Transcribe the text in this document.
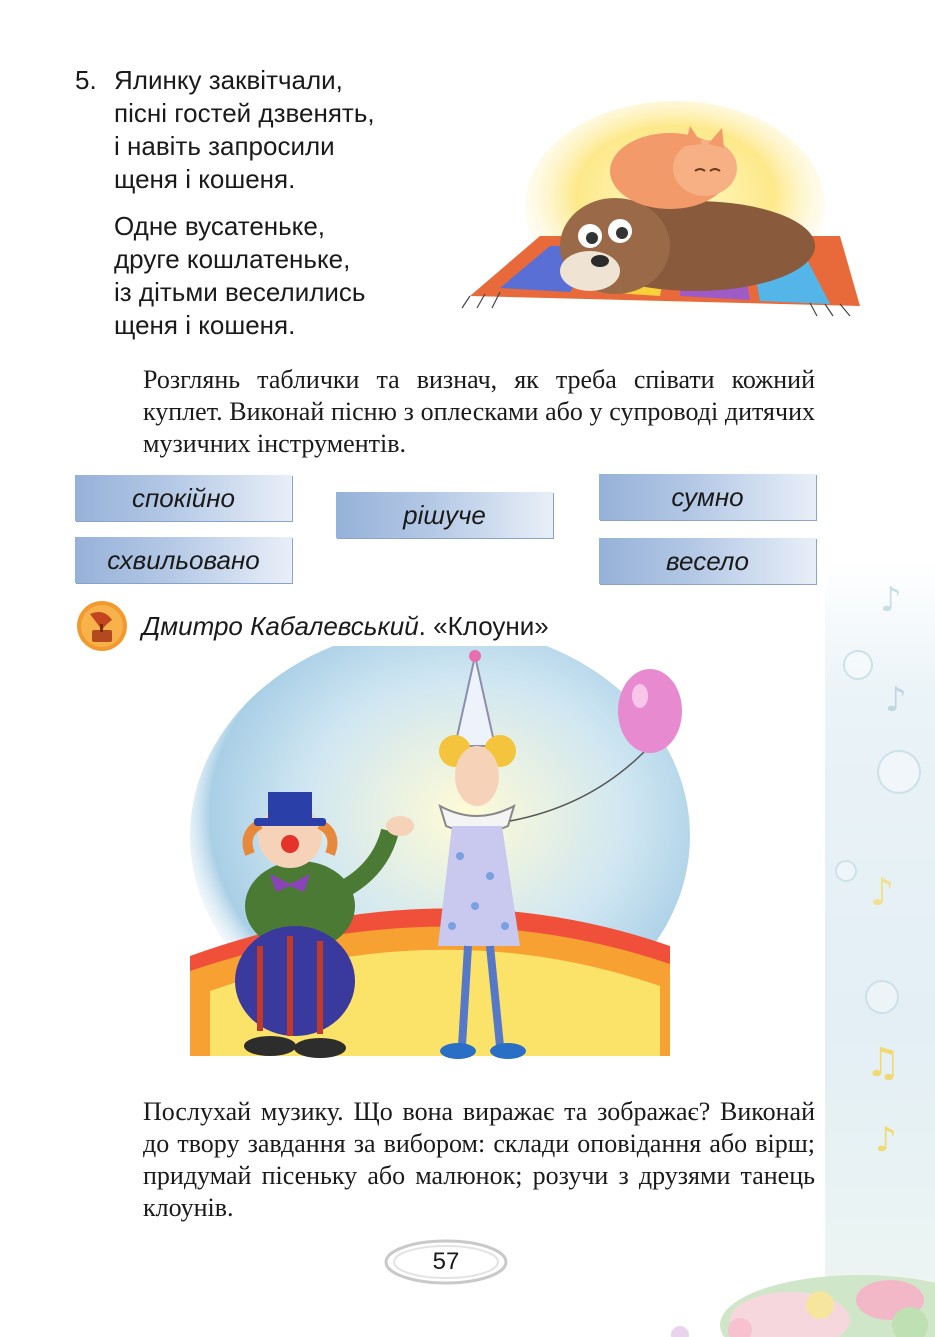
♪
♪
♪
♫
♪
5. Ялинку заквітчали,
пісні гостей дзвенять,
і навіть запросили
щеня і кошеня.
Одне вусатеньке,
друге кошлатеньке,
із дітьми веселились
щеня і кошеня.
Розглянь таблички та визнач, як треба співати кожний куплет. Виконай пісню з оплесками або у супроводі дитячих музичних інструментів.
спокійно
рішуче
сумно
схвильовано	весело
Дмитро Кабалевський. «Клоуни»
Послухай музику. Що вона виражає та зображає? Виконай до твору завдання за вибором: склади оповідання або вірш; придумай пісеньку або малюнок; розучи з друзями танець клоунів.
57
